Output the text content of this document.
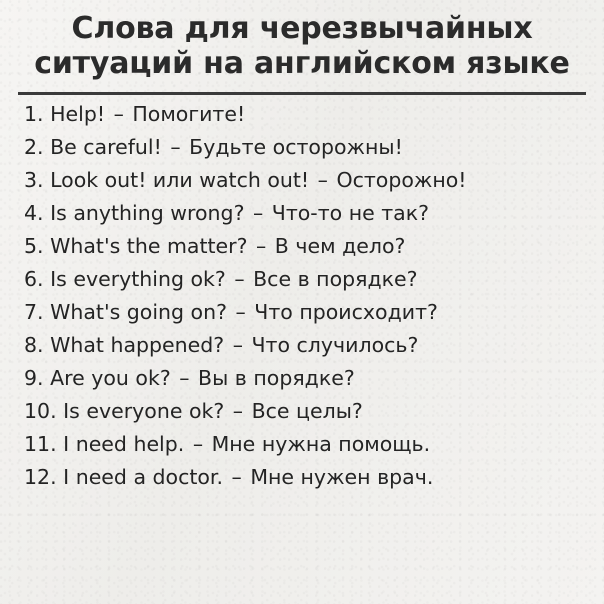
Слова для черезвычайных ситуаций на английском языке
1. Help! – Помогите!
2. Be careful! – Будьте осторожны!
3. Look out! или watch out! – Осторожно!
4. Is anything wrong? – Что-то не так?
5. What's the matter? – В чем дело?
6. Is everything ok? – Все в порядке?
7. What's going on? – Что происходит?
8. What happened? – Что случилось?
9. Are you ok? – Вы в порядке?
10. Is everyone ok? – Все целы?
11. I need help. – Мне нужна помощь.
12. I need a doctor. – Мне нужен врач.
